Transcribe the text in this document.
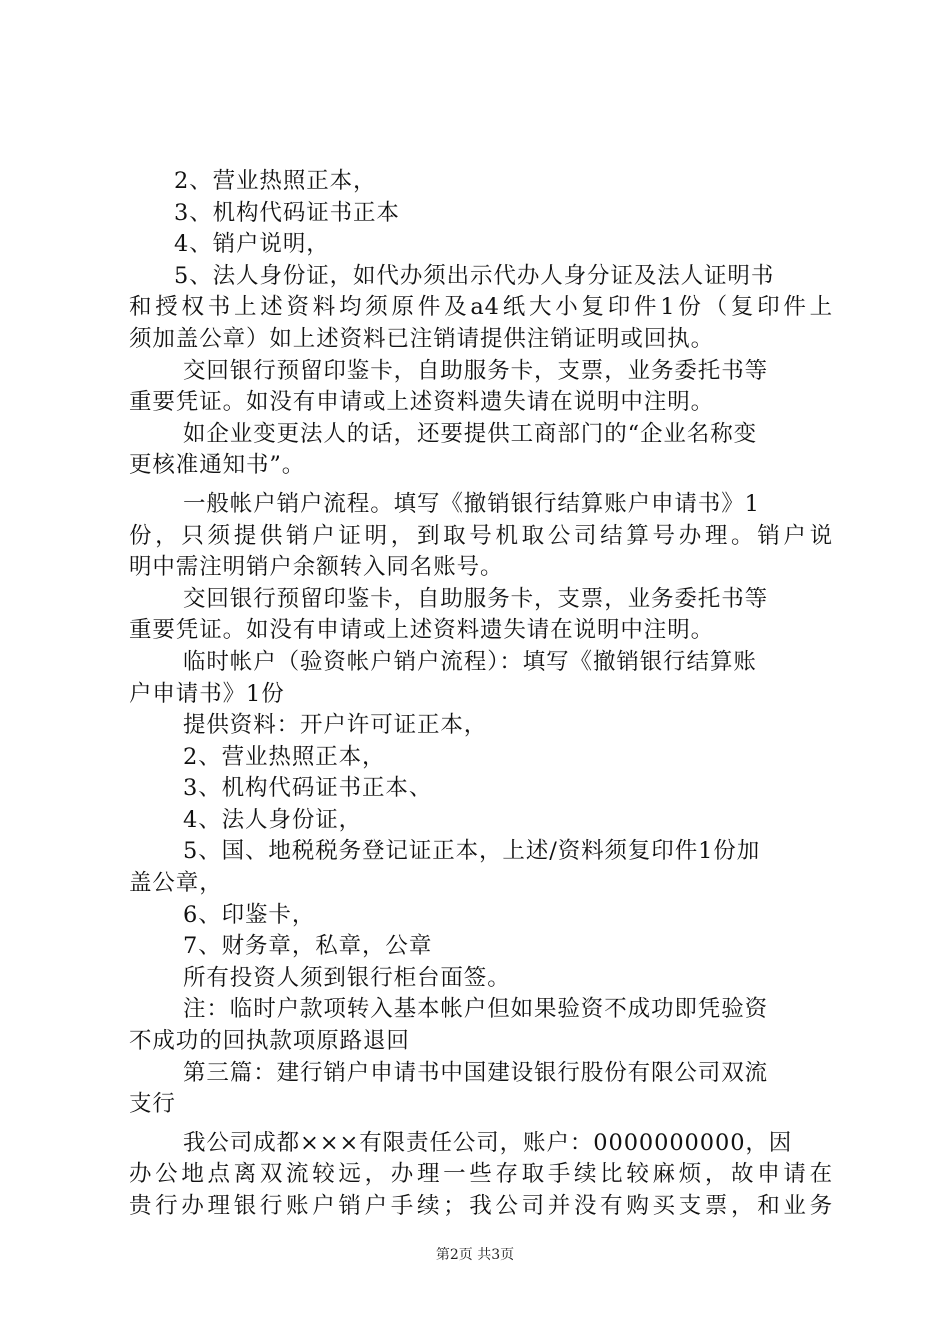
2、营业热照正本，
3、机构代码证书正本
4、销户说明，
5、法人身份证，如代办须出示代办人身分证及法人证明书
和授权书上述资料均须原件及a4纸大小复印件1份（复印件上
须加盖公章）如上述资料已注销请提供注销证明或回执。
交回银行预留印鉴卡，自助服务卡，支票，业务委托书等
重要凭证。如没有申请或上述资料遗失请在说明中注明。
如企业变更法人的话，还要提供工商部门的“企业名称变
更核准通知书”。
一般帐户销户流程。填写《撤销银行结算账户申请书》1
份，只须提供销户证明，到取号机取公司结算号办理。销户说
明中需注明销户余额转入同名账号。
交回银行预留印鉴卡，自助服务卡，支票，业务委托书等
重要凭证。如没有申请或上述资料遗失请在说明中注明。
临时帐户（验资帐户销户流程）：填写《撤销银行结算账
户申请书》1份
提供资料：开户许可证正本，
2、营业热照正本，
3、机构代码证书正本、
4、法人身份证，
5、国、地税税务登记证正本，上述/资料须复印件1份加
盖公章，
6、印鉴卡，
7、财务章，私章，公章
所有投资人须到银行柜台面签。
注：临时户款项转入基本帐户但如果验资不成功即凭验资
不成功的回执款项原路退回
第三篇：建行销户申请书中国建设银行股份有限公司双流
支行
我公司成都×××有限责任公司，账户：0000000000，因
办公地点离双流较远，办理一些存取手续比较麻烦，故申请在
贵行办理银行账户销户手续；我公司并没有购买支票，和业务
第2页 共3页
